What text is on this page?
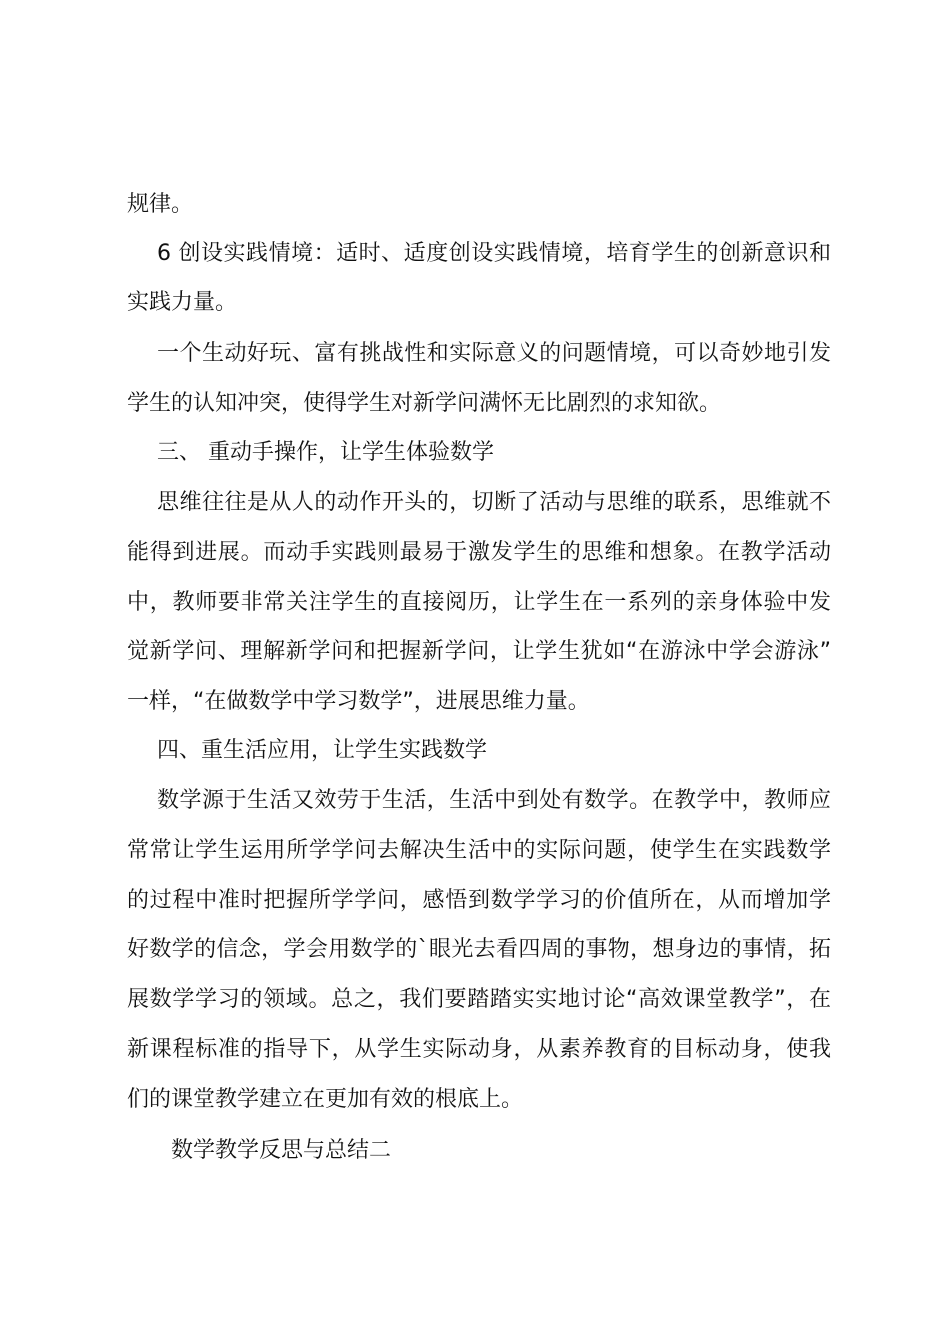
规律。
6 创设实践情境：适时、适度创设实践情境，培育学生的创新意识和
实践力量。
一个生动好玩、富有挑战性和实际意义的问题情境，可以奇妙地引发
学生的认知冲突，使得学生对新学问满怀无比剧烈的求知欲。
三、 重动手操作，让学生体验数学
思维往往是从人的动作开头的，切断了活动与思维的联系，思维就不
能得到进展。而动手实践则最易于激发学生的思维和想象。在教学活动
中，教师要非常关注学生的直接阅历，让学生在一系列的亲身体验中发
觉新学问、理解新学问和把握新学问，让学生犹如“在游泳中学会游泳”
一样，“在做数学中学习数学”，进展思维力量。
四、重生活应用，让学生实践数学
数学源于生活又效劳于生活，生活中到处有数学。在教学中，教师应
常常让学生运用所学学问去解决生活中的实际问题，使学生在实践数学
的过程中准时把握所学学问，感悟到数学学习的价值所在，从而增加学
好数学的信念，学会用数学的`眼光去看四周的事物，想身边的事情，拓
展数学学习的领域。总之，我们要踏踏实实地讨论“高效课堂教学”，在
新课程标准的指导下，从学生实际动身，从素养教育的目标动身，使我
们的课堂教学建立在更加有效的根底上。
数学教学反思与总结二
